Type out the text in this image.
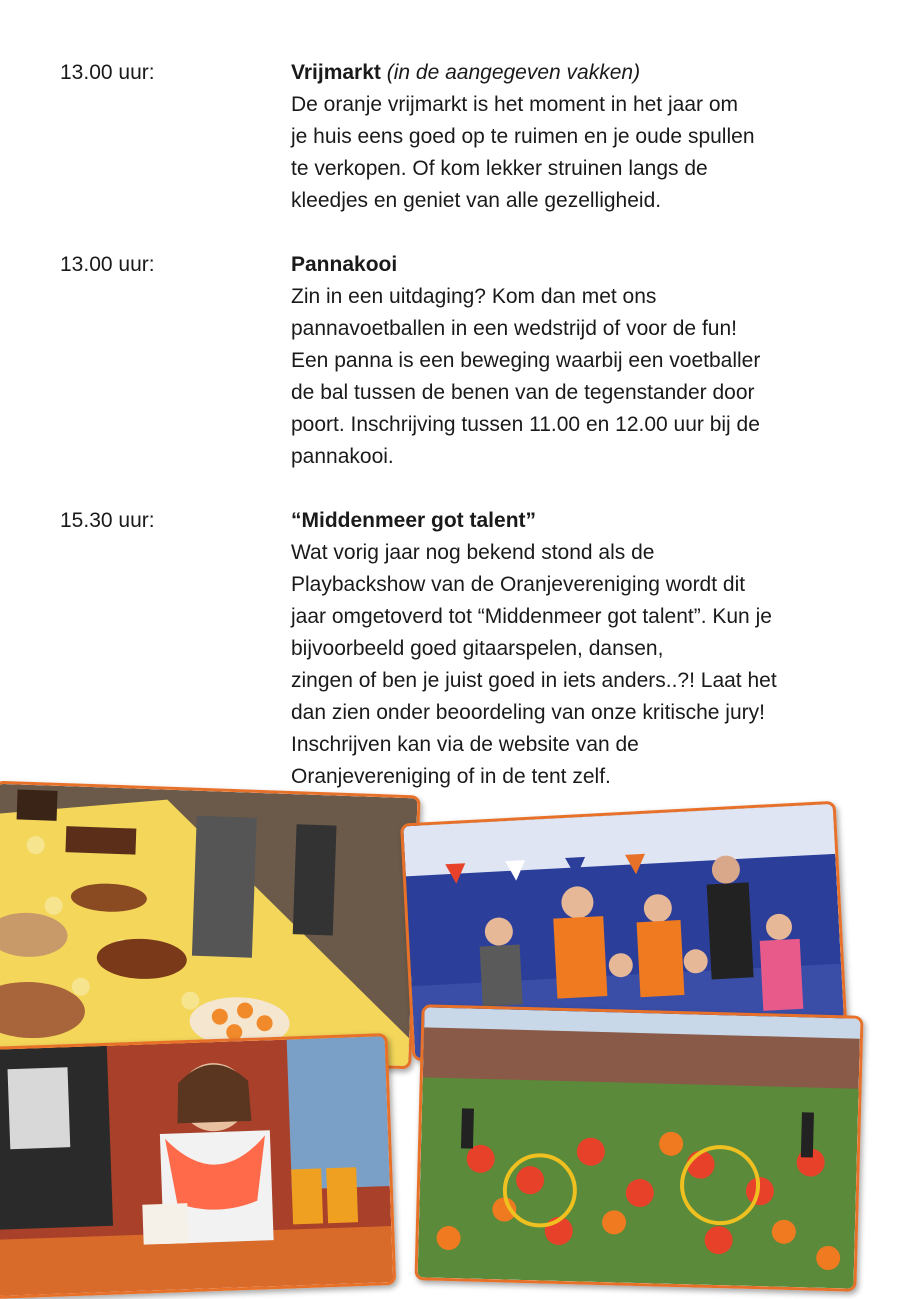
13.00 uur:	Vrijmarkt (in de aangegeven vakken)
De oranje vrijmarkt is het moment in het jaar om
je huis eens goed op te ruimen en je oude spullen
te verkopen. Of kom lekker struinen langs de
kleedjes en geniet van alle gezelligheid.
13.00 uur:	Pannakooi
Zin in een uitdaging? Kom dan met ons
pannavoetballen in een wedstrijd of voor de fun!
Een panna is een beweging waarbij een voetballer
de bal tussen de benen van de tegenstander door
poort. Inschrijving tussen 11.00 en 12.00 uur bij de
pannakooi.
15.30 uur:	“Middenmeer got talent”
Wat vorig jaar nog bekend stond als de
Playbackshow van de Oranjevereniging wordt dit
jaar omgetoverd tot “Middenmeer got talent”. Kun je
bijvoorbeeld goed gitaarspelen, dansen,
zingen of ben je juist goed in iets anders..?! Laat het
dan zien onder beoordeling van onze kritische jury!
Inschrijven kan via de website van de
Oranjevereniging of in de tent zelf.
